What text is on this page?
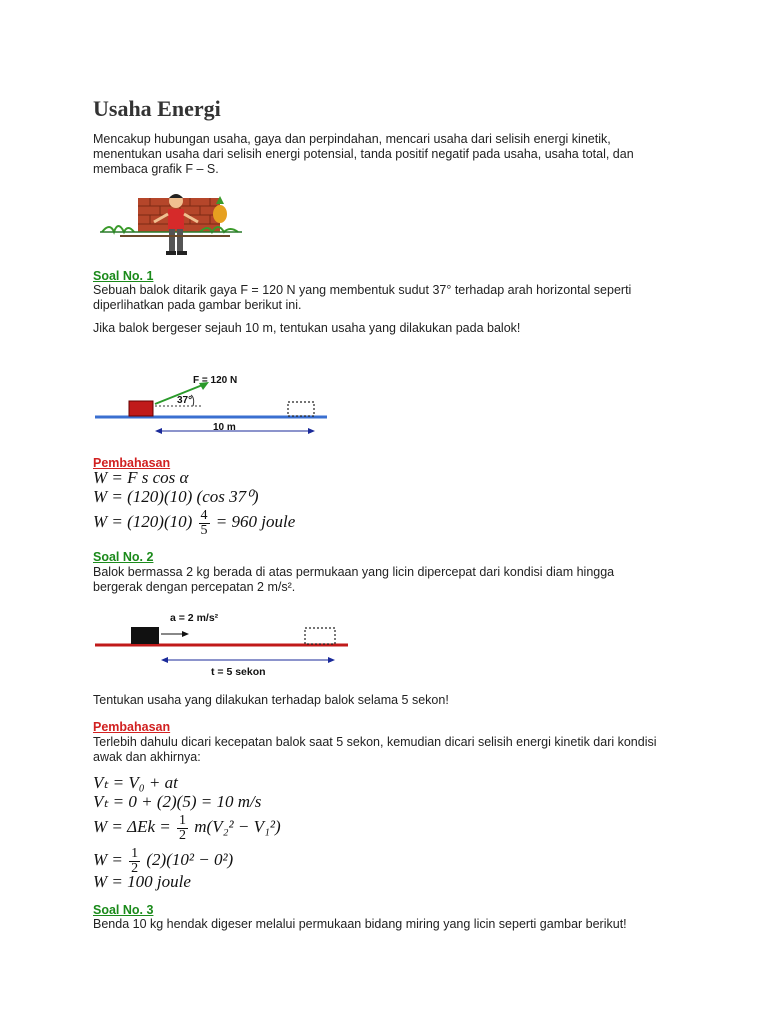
Usaha Energi

Mencakup hubungan usaha, gaya dan perpindahan, mencari usaha dari selisih energi kinetik, menentukan usaha dari selisih energi potensial, tanda positif negatif pada usaha, usaha total, dan membaca grafik F – S.

Soal No. 1

Sebuah balok ditarik gaya F = 120 N yang membentuk sudut 37° terhadap arah horizontal seperti diperlihatkan pada gambar berikut ini.

Jika balok bergeser sejauh 10 m, tentukan usaha yang dilakukan pada balok!

F = 120 N
37°
10 m
Pembahasan
W = F s cos α
W = (120)(10) (cos 37⁰)
$W = (120)(10) \frac{4}{5} = 960$ joule
Soal No. 2

Balok bermassa 2 kg berada di atas permukaan yang licin dipercepat dari kondisi diam hingga bergerak dengan percepatan 2 m/s².

a = 2 m/s²
t = 5 sekon

Tentukan usaha yang dilakukan terhadap balok selama 5 sekon!

Pembahasan

Terlebih dahulu dicari kecepatan balok saat 5 sekon, kemudian dicari selisih energi kinetik dari kondisi awak dan akhirnya:

Vₜ = V₀ + at
Vₜ = 0 + (2)(5) = 10 m/s
$W = \Delta Ek = \frac{1}{2} m(V_2^2 - V_1^2)$
$W = \frac{1}{2} (2)(10^2 - 0^2)$
W = 100 joule
Soal No. 3

Benda 10 kg hendak digeser melalui permukaan bidang miring yang licin seperti gambar berikut!
